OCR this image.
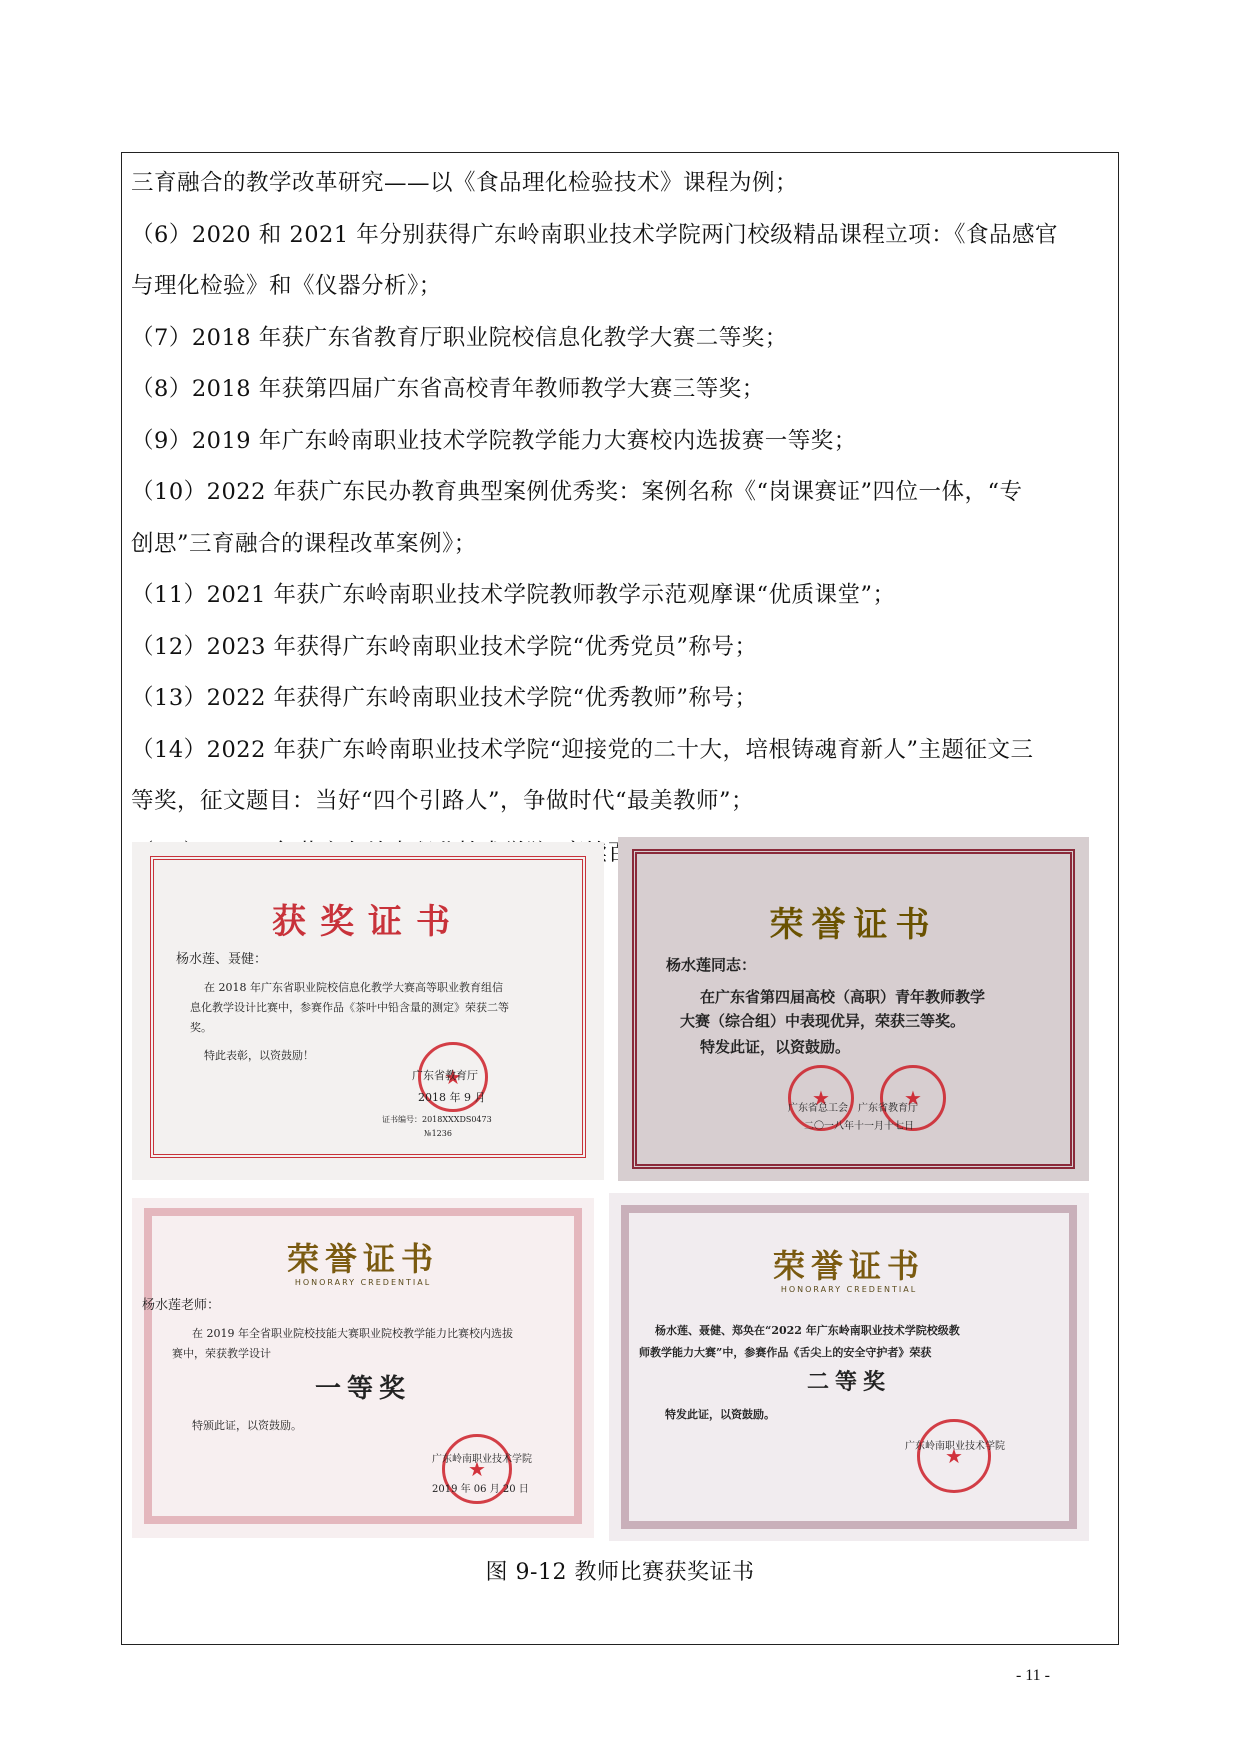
三育融合的教学改革研究——以《食品理化检验技术》课程为例；
（6）2020 和 2021 年分别获得广东岭南职业技术学院两门校级精品课程立项：《食品感官
与理化检验》和《仪器分析》；
（7）2018 年获广东省教育厅职业院校信息化教学大赛二等奖；
（8）2018 年获第四届广东省高校青年教师教学大赛三等奖；
（9）2019 年广东岭南职业技术学院教学能力大赛校内选拔赛一等奖；
（10）2022 年获广东民办教育典型案例优秀奖：案例名称《“岗课赛证”四位一体，“专
创思”三育融合的课程改革案例》；
（11）2021 年获广东岭南职业技术学院教师教学示范观摩课“优质课堂”；
（12）2023 年获得广东岭南职业技术学院“优秀党员”称号；
（13）2022 年获得广东岭南职业技术学院“优秀教师”称号；
（14）2022 年获广东岭南职业技术学院“迎接党的二十大，培根铸魂育新人”主题征文三
等奖，征文题目：当好“四个引路人”，争做时代“最美教师”；
获奖证书
杨水莲、聂健：
在 2018 年广东省职业院校信息化教学大赛高等职业教育组信
息化教学设计比赛中，参赛作品《茶叶中铅含量的测定》荣获二等
奖。
特此表彰，以资鼓励！
★
广东省教育厅
2018 年 9 月
证书编号：2018XXXDS0473
№1236
荣誉证书
杨水莲同志：
在广东省第四届高校（高职）青年教师教学
大赛（综合组）中表现优异，荣获三等奖。
特发此证，以资鼓励。
★
★
广东省总工会　广东省教育厅
二〇一八年十一月十七日
荣誉证书
HONORARY CREDENTIAL
杨水莲老师：
在 2019 年全省职业院校技能大赛职业院校教学能力比赛校内选拔
赛中，荣获教学设计
一等奖
特颁此证，以资鼓励。
★
广东岭南职业技术学院
2019 年 06 月 20 日
荣誉证书
HONORARY CREDENTIAL
杨水莲、聂健、郑奂在“2022 年广东岭南职业技术学院校级教
师教学能力大赛”中，参赛作品《舌尖上的安全守护者》荣获
二等奖
特发此证，以资鼓励。
★
广东岭南职业技术学院
图 9-12 教师比赛获奖证书
- 11 -
